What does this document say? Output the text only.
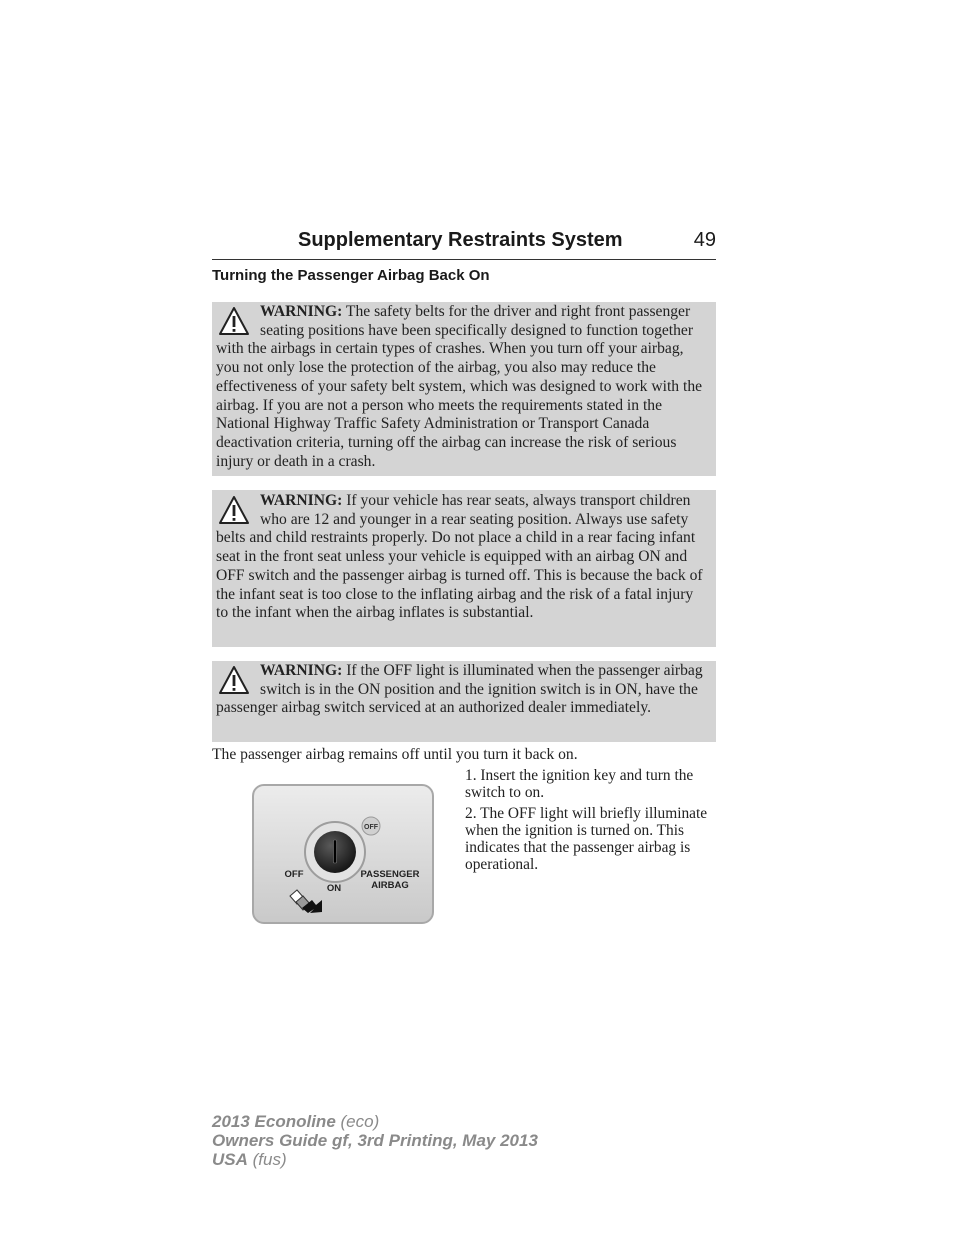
Supplementary Restraints System	49
Turning the Passenger Airbag Back On
WARNING: The safety belts for the driver and right front passenger seating positions have been specifically designed to function together with the airbags in certain types of crashes. When you turn off your airbag, you not only lose the protection of the airbag, you also may reduce the effectiveness of your safety belt system, which was designed to work with the airbag. If you are not a person who meets the requirements stated in the National Highway Traffic Safety Administration or Transport Canada deactivation criteria, turning off the airbag can increase the risk of serious injury or death in a crash.
WARNING: If your vehicle has rear seats, always transport children who are 12 and younger in a rear seating position. Always use safety belts and child restraints properly. Do not place a child in a rear facing infant seat in the front seat unless your vehicle is equipped with an airbag ON and OFF switch and the passenger airbag is turned off. This is because the back of the infant seat is too close to the inflating airbag and the risk of a fatal injury to the infant when the airbag inflates is substantial.
WARNING: If the OFF light is illuminated when the passenger airbag switch is in the ON position and the ignition switch is in ON, have the passenger airbag switch serviced at an authorized dealer immediately.
The passenger airbag remains off until you turn it back on.

1. Insert the ignition key and turn the switch to on.

2. The OFF light will briefly illuminate when the ignition is turned on. This indicates that the passenger airbag is operational.

OFF
OFF
ON
PASSENGER
AIRBAG
2013 Econoline (eco)
Owners Guide gf, 3rd Printing, May 2013
USA (fus)
